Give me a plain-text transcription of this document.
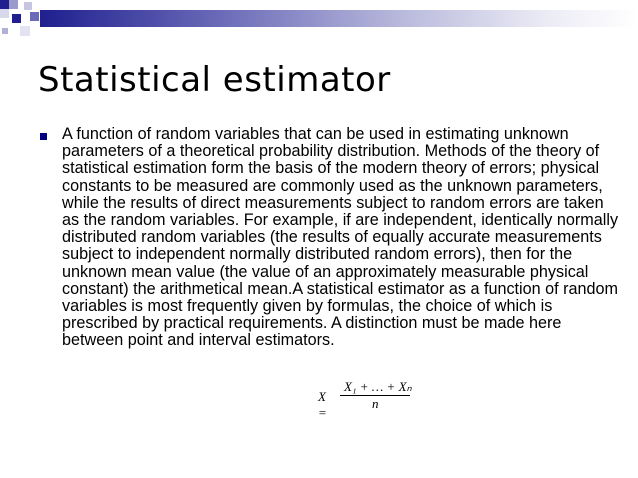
Statistical estimator

A function of random variables that can be used in estimating unknown parameters of a theoretical probability distribution. Methods of the theory of statistical estimation form the basis of the modern theory of errors; physical constants to be measured are commonly used as the unknown parameters, while the results of direct measurements subject to random errors are taken as the random variables. For example, if are independent, identically normally distributed random variables (the results of equally accurate measurements subject to independent normally distributed random errors), then for the unknown mean value (the value of an approximately measurable physical constant) the arithmetical mean.A statistical estimator as a function of random variables is most frequently given by formulas, the choice of which is prescribed by practical requirements. A distinction must be made here between point and interval estimators.

X =
X₁ + … + Xₙ
n
